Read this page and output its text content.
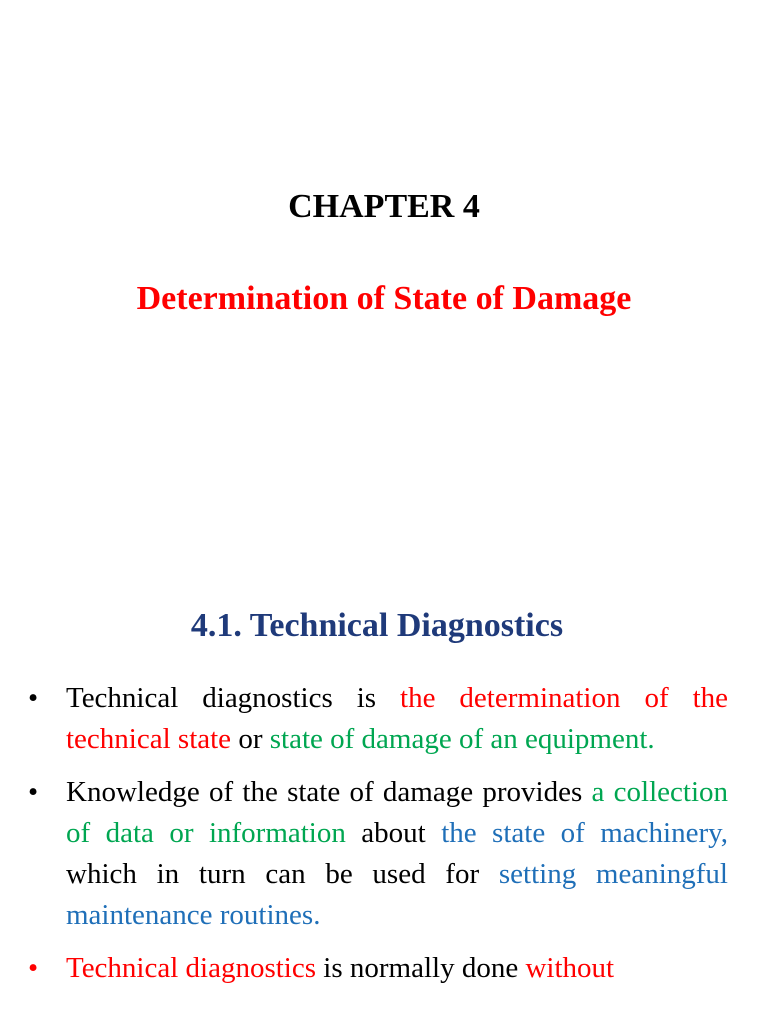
CHAPTER 4
Determination of State of Damage
4.1. Technical Diagnostics
• Technical diagnostics is the determination of the technical state or state of damage of an equipment.
• Knowledge of the state of damage provides a collection of data or information about the state of machinery, which in turn can be used for setting meaningful maintenance routines.
• Technical diagnostics is normally done without
